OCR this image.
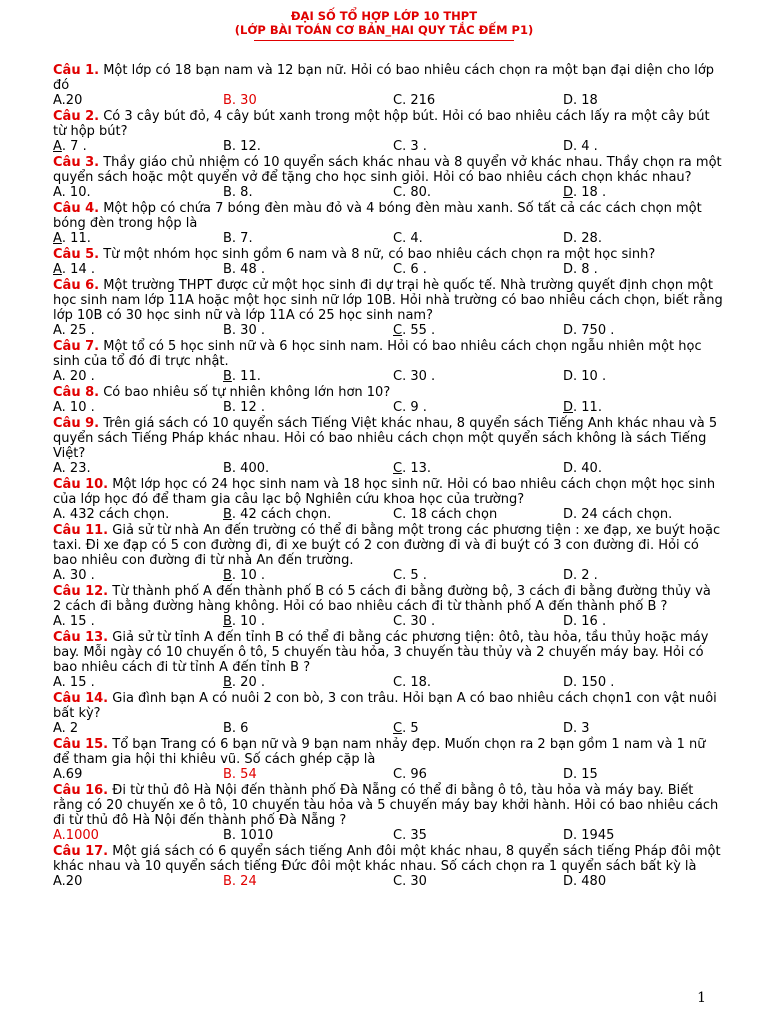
ĐẠI SỐ TỔ HỢP LỚP 10 THPT
(LỚP BÀI TOÁN CƠ BẢN_HAI QUY TẮC ĐẾM P1)
Câu 1. Một lớp có 18 bạn nam và 12 bạn nữ. Hỏi có bao nhiêu cách chọn ra một bạn đại diện cho lớp đó
A.20	B. 30	C. 216	D. 18
Câu 2. Có 3 cây bút đỏ, 4 cây bút xanh trong một hộp bút. Hỏi có bao nhiêu cách lấy ra một cây bút từ hộp bút?
A. 7 .	B. 12.	C. 3 .	D. 4 .
Câu 3. Thầy giáo chủ nhiệm có 10 quyển sách khác nhau và 8 quyển vở khác nhau. Thầy chọn ra một quyển sách hoặc một quyển vở để tặng cho học sinh giỏi. Hỏi có bao nhiêu cách chọn khác nhau?
A. 10.	B. 8.	C. 80.	D. 18 .
Câu 4. Một hộp có chứa 7 bóng đèn màu đỏ và 4 bóng đèn màu xanh. Số tất cả các cách chọn một bóng đèn trong hộp là
A. 11.	B. 7.	C. 4.	D. 28.
Câu 5. Từ một nhóm học sinh gồm 6 nam và 8 nữ, có bao nhiêu cách chọn ra một học sinh?
A. 14 .	B. 48 .	C. 6 .	D. 8 .
Câu 6. Một trường THPT được cử một học sinh đi dự trại hè quốc tế. Nhà trường quyết định chọn một học sinh nam lớp 11A hoặc một học sinh nữ lớp 10B. Hỏi nhà trường có bao nhiêu cách chọn, biết rằng lớp 10B có 30 học sinh nữ và lớp 11A có 25 học sinh nam?
A. 25 .	B. 30 .	C. 55 .	D. 750 .
Câu 7. Một tổ có 5 học sinh nữ và 6 học sinh nam. Hỏi có bao nhiêu cách chọn ngẫu nhiên một học sinh của tổ đó đi trực nhật.
A. 20 .	B. 11.	C. 30 .	D. 10 .
Câu 8. Có bao nhiêu số tự nhiên không lớn hơn 10?
A. 10 .	B. 12 .	C. 9 .	D. 11.
Câu 9. Trên giá sách có 10 quyển sách Tiếng Việt khác nhau, 8 quyển sách Tiếng Anh khác nhau và 5 quyển sách Tiếng Pháp khác nhau. Hỏi có bao nhiêu cách chọn một quyển sách không là sách Tiếng Việt?
A. 23.	B. 400.	C. 13.	D. 40.
Câu 10. Một lớp học có 24 học sinh nam và 18 học sinh nữ. Hỏi có bao nhiêu cách chọn một học sinh của lớp học đó để tham gia câu lạc bộ Nghiên cứu khoa học của trường?
A. 432 cách chọn.	B. 42 cách chọn.	C. 18 cách chọn	D. 24 cách chọn.
Câu 11. Giả sử từ nhà An đến trường có thể đi bằng một trong các phương tiện : xe đạp, xe buýt hoặc taxi. Đi xe đạp có 5 con đường đi, đi xe buýt có 2 con đường đi và đi buýt có 3 con đường đi. Hỏi có bao nhiêu con đường đi từ nhà An đến trường.
A. 30 .	B. 10 .	C. 5 .	D. 2 .
Câu 12. Từ thành phố A đến thành phố B có 5 cách đi bằng đường bộ, 3 cách đi bằng đường thủy và 2 cách đi bằng đường hàng không. Hỏi có bao nhiêu cách đi từ thành phố A đến thành phố B ?
A. 15 .	B. 10 .	C. 30 .	D. 16 .
Câu 13. Giả sử từ tỉnh A đến tỉnh B có thể đi bằng các phương tiện: ôtô, tàu hỏa, tầu thủy hoặc máy bay. Mỗi ngày có 10 chuyến ô tô, 5 chuyến tàu hỏa, 3 chuyến tàu thủy và 2 chuyến máy bay. Hỏi có bao nhiêu cách đi từ tỉnh A đến tỉnh B ?
A. 15 .	B. 20 .	C. 18.	D. 150 .
Câu 14. Gia đình bạn A có nuôi 2 con bò, 3 con trâu. Hỏi bạn A có bao nhiêu cách chọn1 con vật nuôi bất kỳ?
A. 2	B. 6	C. 5	D. 3
Câu 15. Tổ bạn Trang có 6 bạn nữ và 9 bạn nam nhảy đẹp. Muốn chọn ra 2 bạn gồm 1 nam và 1 nữ để tham gia hội thi khiêu vũ. Số cách ghép cặp là
A.69	B. 54	C. 96	D. 15
Câu 16. Đi từ thủ đô Hà Nội đến thành phố Đà Nẵng có thể đi bằng ô tô, tàu hỏa và máy bay. Biết rằng có 20 chuyến xe ô tô, 10 chuyến tàu hỏa và 5 chuyến máy bay khởi hành. Hỏi có bao nhiêu cách đi từ thủ đô Hà Nội đến thành phố Đà Nẵng ?
A.1000	B. 1010	C. 35	D. 1945
Câu 17. Một giá sách có 6 quyển sách tiếng Anh đôi một khác nhau, 8 quyển sách tiếng Pháp đôi một khác nhau và 10 quyển sách tiếng Đức đôi một khác nhau. Số cách chọn ra 1 quyển sách bất kỳ là
A.20	B. 24	C. 30	D. 480
1
